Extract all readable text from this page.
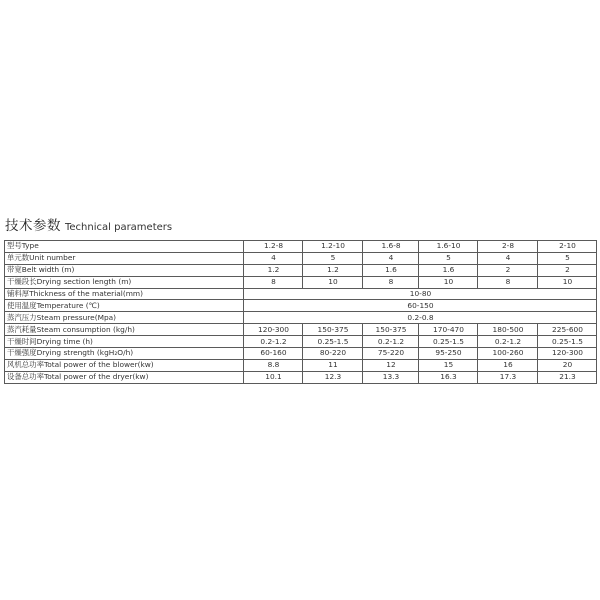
技术参数 Technical parameters
型号Type	1.2-8	1.2-10	1.6-8	1.6-10	2-8	2-10
单元数Unit number	4	5	4	5	4	5
带宽Belt width (m)	1.2	1.2	1.6	1.6	2	2
干燥段长Drying section length (m)	8	10	8	10	8	10
铺料厚Thickness of the material(mm)	10-80					
使用温度Temperature (℃)	60-150					
蒸汽压力Steam pressure(Mpa)	0.2-0.8					
蒸汽耗量Steam consumption (kg/h)	120-300	150-375	150-375	170-470	180-500	225-600
干燥时间Drying time (h)	0.2-1.2	0.25-1.5	0.2-1.2	0.25-1.5	0.2-1.2	0.25-1.5
干燥强度Drying strength (kgH₂O/h)	60-160	80-220	75-220	95-250	100-260	120-300
风机总功率Total power of the blower(kw)	8.8	11	12	15	16	20
设备总功率Total power of the dryer(kw)	10.1	12.3	13.3	16.3	17.3	21.3
